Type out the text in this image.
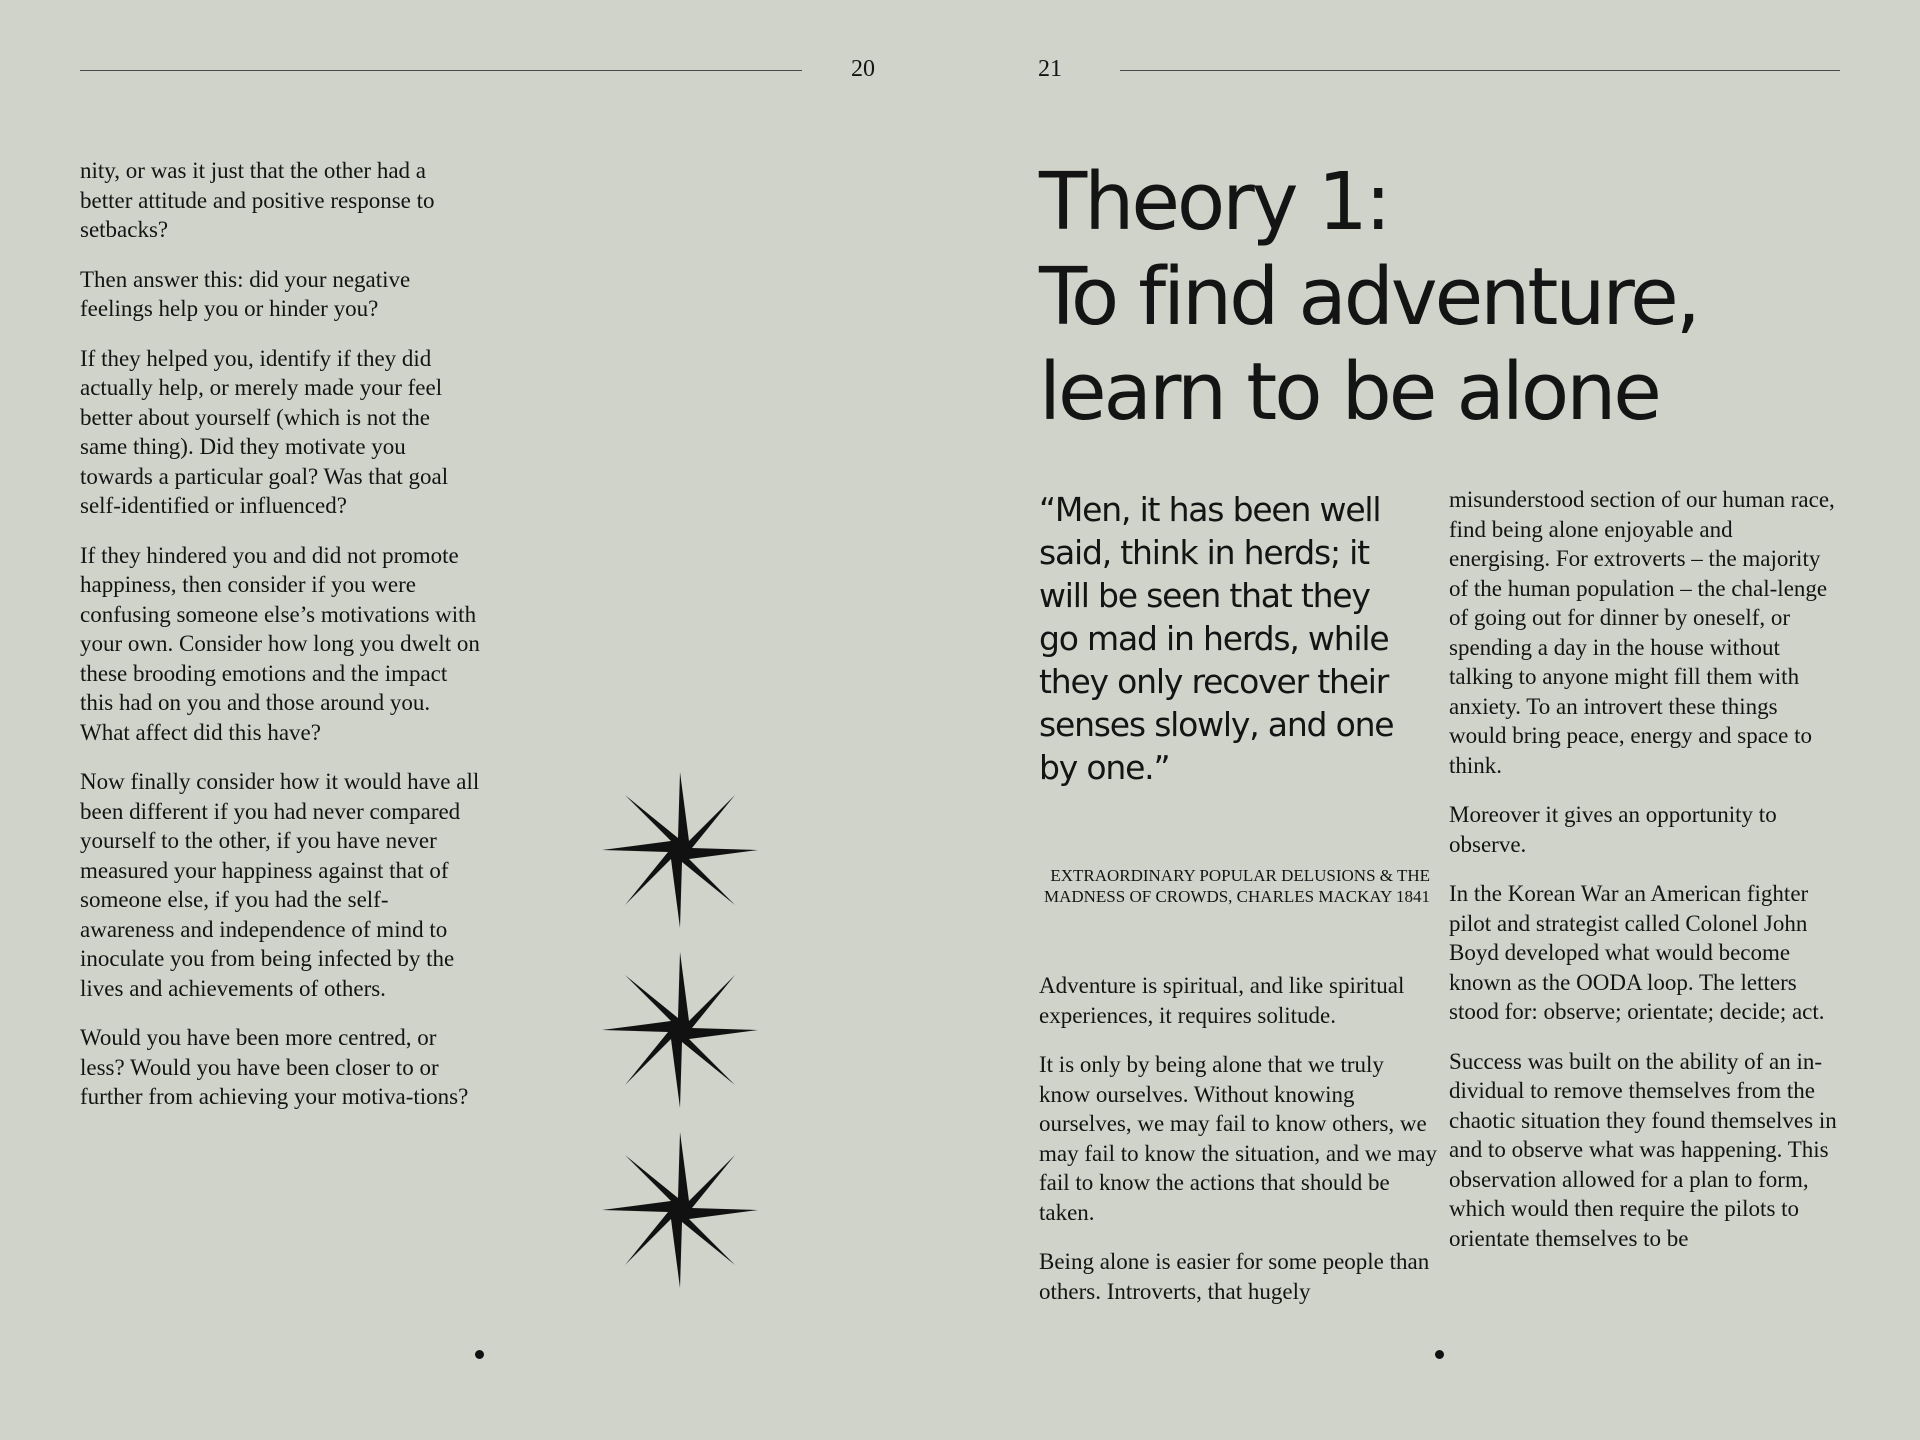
20

nity, or was it just that the other had a better attitude and positive response to setbacks?

Then answer this: did your negative feelings help you or hinder you?

If they helped you, identify if they did actually help, or merely made your feel better about yourself (which is not the same thing). Did they motivate you towards a particular goal? Was that goal self-identified or influenced?

If they hindered you and did not promote happiness, then consider if you were confusing someone else’s motivations with your own. Consider how long you dwelt on these brooding emotions and the impact this had on you and those around you. What affect did this have?

Now finally consider how it would have all been different if you had never compared yourself to the other, if you have never measured your happiness against that of someone else, if you had the self-awareness and independence of mind to inoculate you from being infected by the lives and achievements of others.

Would you have been more centred, or less? Would you have been closer to or further from achieving your motiva-tions?

21
Theory 1:
To find adventure,
learn to be alone
“Men, it has been well
said, think in herds; it
will be seen that they
go mad in herds, while
they only recover their
senses slowly, and one
by one.”
EXTRAORDINARY POPULAR DELUSIONS & THE
MADNESS OF CROWDS, CHARLES MACKAY 1841

Adventure is spiritual, and like spiritual experiences, it requires solitude.

It is only by being alone that we truly know ourselves. Without knowing ourselves, we may fail to know others, we may fail to know the situation, and we may fail to know the actions that should be taken.

Being alone is easier for some people than others. Introverts, that hugely

misunderstood section of our human race, find being alone enjoyable and energising. For extroverts – the majority of the human population – the chal-lenge of going out for dinner by oneself, or spending a day in the house without talking to anyone might fill them with anxiety. To an introvert these things would bring peace, energy and space to think.

Moreover it gives an opportunity to observe.

In the Korean War an American fighter pilot and strategist called Colonel John Boyd developed what would become known as the OODA loop. The letters stood for: observe; orientate; decide; act.

Success was built on the ability of an in-dividual to remove themselves from the chaotic situation they found themselves in and to observe what was happening. This observation allowed for a plan to form, which would then require the pilots to orientate themselves to be
